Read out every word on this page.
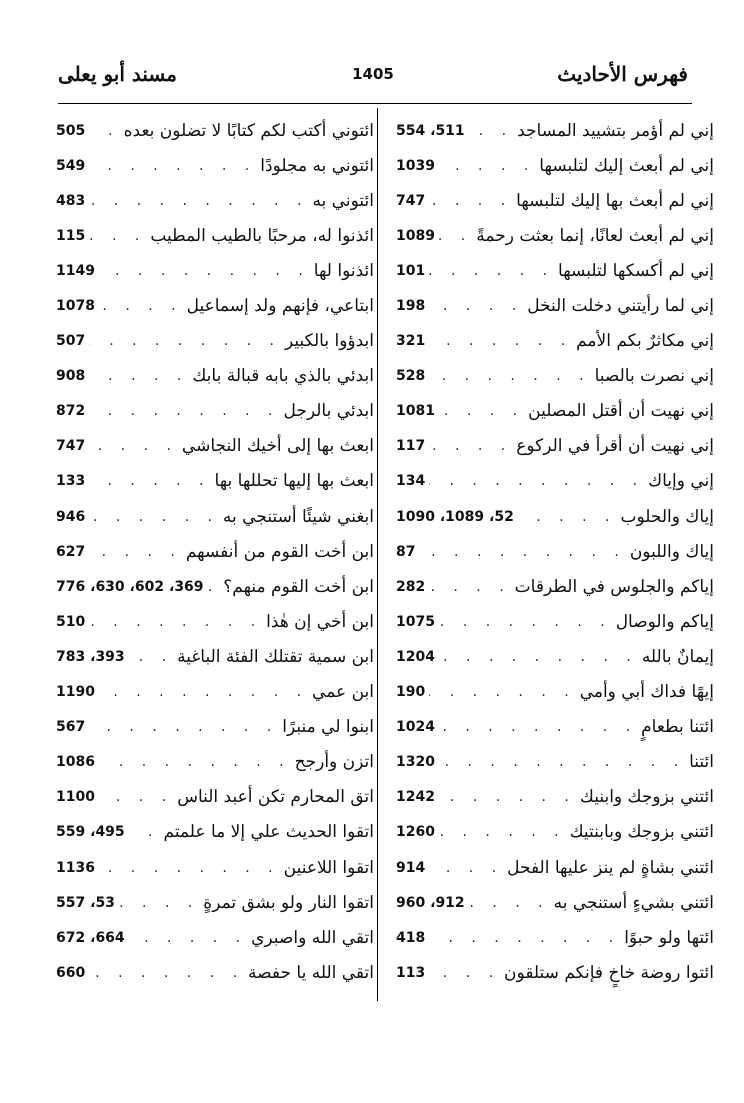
فهرس الأحاديث
1405
مسند أبو يعلى
إني لم أؤمر بتشييد المساجد
. . .
511، 554
إني لم أبعث إليك لتلبسها
. . .
1039
إني لم أبعث بها إليك لتلبسها
. . .
747
إني لم أبعث لعانًا، إنما بعثت رحمةً
. . .
1089
إني لم أكسكها لتلبسها
. . .
101
إني لما رأيتني دخلت النخل
. . .
198
إني مكاثرٌ بكم الأمم
. . .
321
إني نصرت بالصبا
. . .
528
إني نهيت أن أقتل المصلين
. . .
1081
إني نهيت أن أقرأ في الركوع
. . .
117
إني وإياك
. . .
134
إياك والحلوب
. . .
52، 1089، 1090
إياك واللبون
. . .
87
إياكم والجلوس في الطرقات
. . .
282
إياكم والوصال
. . .
1075
إيمانٌ بالله
. . .
1204
إيهًا فداك أبي وأمي
. . .
190
ائتنا بطعامٍ
. . .
1024
ائتنا
. . .
1320
ائتني بزوجك وابنيك
. . .
1242
ائتني بزوجك وبابنتيك
. . .
1260
ائتني بشاةٍ لم ينز عليها الفحل
. . .
914
ائتني بشيءٍ أستنجي به
. . .
912، 960
ائتها ولو حبوًا
. . .
418
ائتوا روضة خاخٍ فإنكم ستلقون
. . .
113
ائتوني أكتب لكم كتابًا لا تضلون بعده
. . .
505
ائتوني به مجلودًا
. . .
549
ائتوني به
. . .
483
ائذنوا له، مرحبًا بالطيب المطيب
. . .
115
ائذنوا لها
. . .
1149
ابتاعي، فإنهم ولد إسماعيل
. . .
1078
ابدؤوا بالكبير
. . .
507
ابدئي بالذي بابه قبالة بابك
. . .
908
ابدئي بالرجل
. . .
872
ابعث بها إلى أخيك النجاشي
. . .
747
ابعث بها إليها تحللها بها
. . .
133
ابغني شيئًا أستنجي به
. . .
946
ابن أخت القوم من أنفسهم
. . .
627
ابن أخت القوم منهم؟
. . .
369، 602، 630، 776
ابن أخي إن هٰذا
. . .
510
ابن سمية تقتلك الفئة الباغية
. . .
393، 783
ابن عمي
. . .
1190
ابنوا لي منبرًا
. . .
567
اتزن وأرجح
. . .
1086
اتق المحارم تكن أعبد الناس
. . .
1100
اتقوا الحديث علي إلا ما علمتم
. . .
495، 559
اتقوا اللاعنين
. . .
1136
اتقوا النار ولو بشق تمرةٍ
. . .
53، 557
اتقي الله واصبري
. . .
664، 672
اتقي الله يا حفصة
. . .
660
